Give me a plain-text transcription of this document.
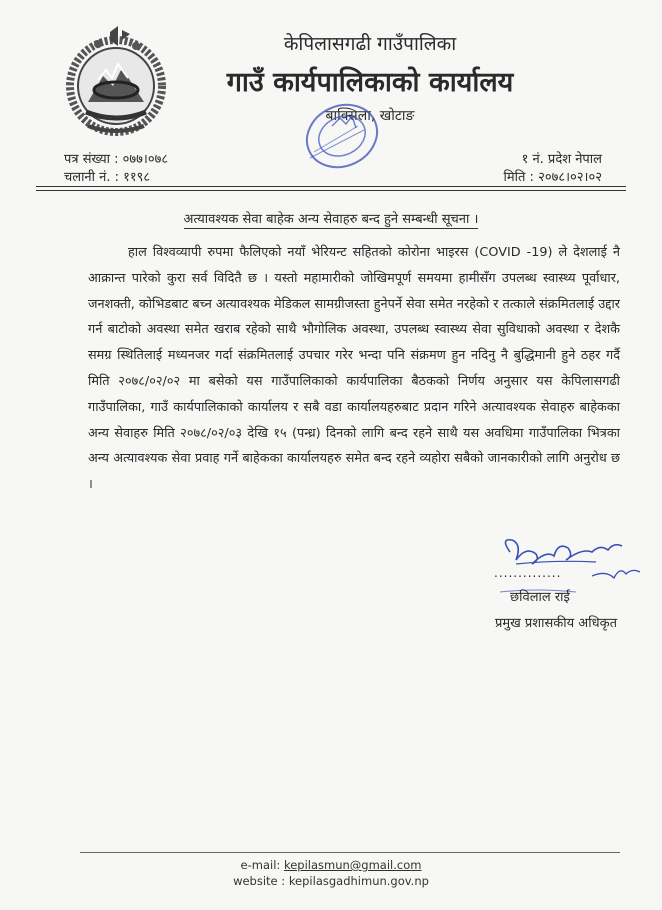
केपिलासगढी गाउँपालिका
गाउँ कार्यपालिकाको कार्यालय
बाक्सिला, खोटाङ
पत्र संख्या : ०७७।०७८
चलानी नं. : ११९८
१ नं. प्रदेश नेपाल
मिति : २०७८।०२।०२
अत्यावश्यक सेवा बाहेक अन्य सेवाहरु बन्द हुने सम्बन्धी सूचना ।
हाल विश्वव्यापी रुपमा फैलिएको नयाँ भेरियन्ट सहितको कोरोना भाइरस (COVID -19) ले देशलाई नै आक्रान्त पारेको कुरा सर्व विदितै छ । यस्तो महामारीको जोखिमपूर्ण समयमा हामीसँग उपलब्ध स्वास्थ्य पूर्वाधार, जनशक्ती, कोभिडबाट बच्न अत्यावश्यक मेडिकल सामग्रीजस्ता हुनेपर्ने सेवा समेत नरहेको र तत्काले संक्रमितलाई उद्दार गर्न बाटोको अवस्था समेत खराब रहेको साथै भौगोलिक अवस्था, उपलब्ध स्वास्थ्य सेवा सुविधाको अवस्था र देशकै समग्र स्थितिलाई मध्यनजर गर्दा संक्रमितलाई उपचार गरेर भन्दा पनि संक्रमण हुन नदिनु नै बुद्धिमानी हुने ठहर गर्दै मिति २०७८/०२/०२ मा बसेको यस गाउँपालिकाको कार्यपालिका बैठकको निर्णय अनुसार यस केपिलासगढी गाउँपालिका, गाउँ कार्यपालिकाको कार्यालय र सबै वडा कार्यालयहरुबाट प्रदान गरिने अत्यावश्यक सेवाहरु बाहेकका अन्य सेवाहरु मिति २०७८/०२/०३ देखि १५ (पन्ध्र) दिनको लागि बन्द रहने साथै यस अवधिमा गाउँपालिका भित्रका अन्य अत्यावश्यक सेवा प्रवाह गर्ने बाहेकका कार्यालयहरु समेत बन्द रहने व्यहोरा सबैको जानकारीको लागि अनुरोध छ ।
..............
छविलाल राई
प्रमुख प्रशासकीय अधिकृत
e-mail: kepilasmun@gmail.com
website : kepilasgadhimun.gov.np
